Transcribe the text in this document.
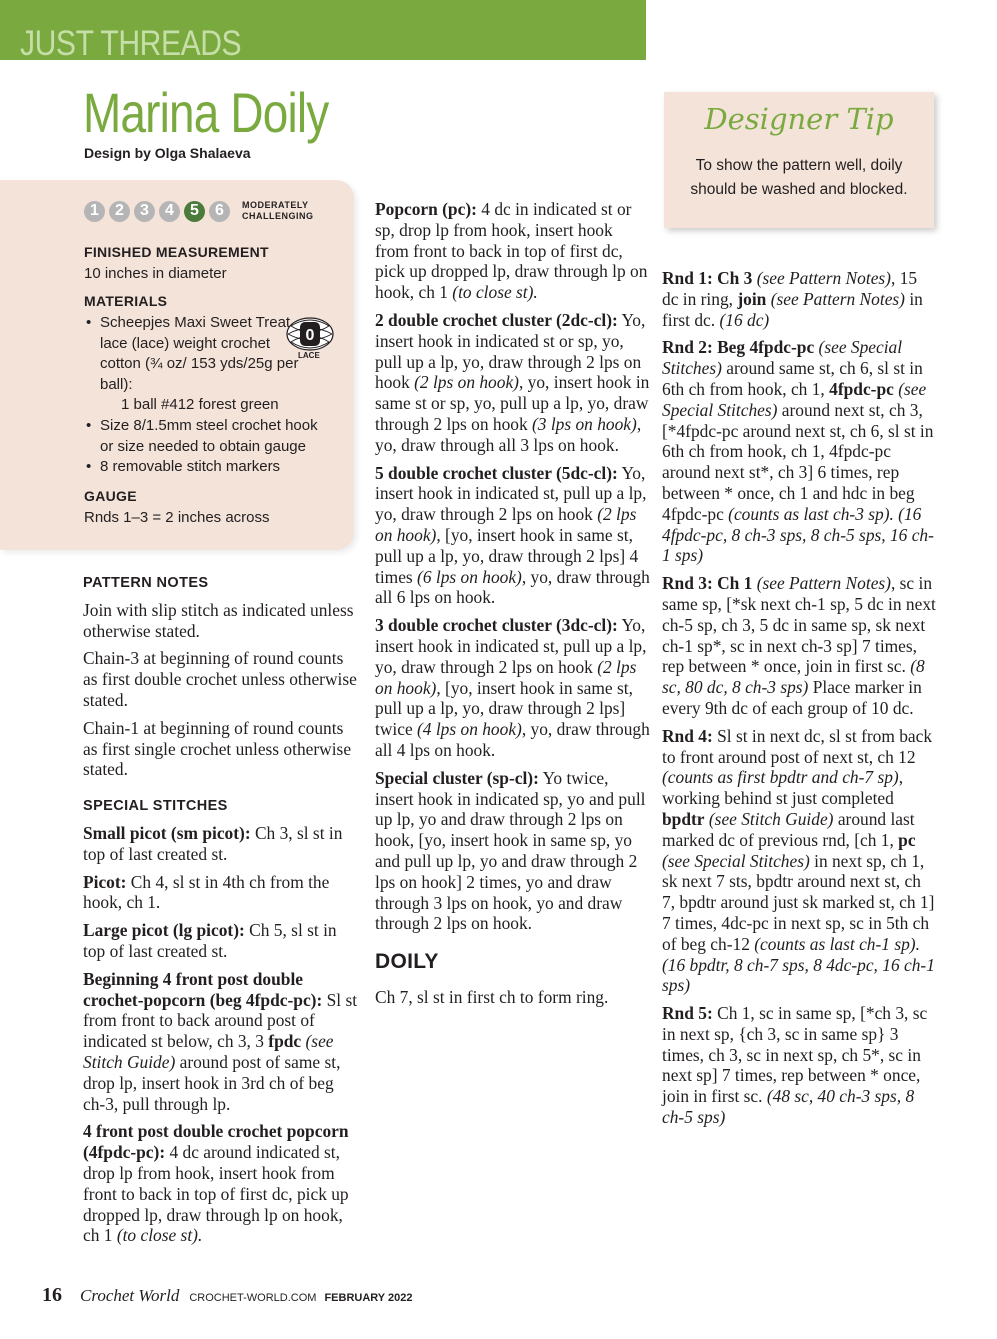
JUST THREADS
Marina Doily
Design by Olga Shalaeva
1	2	3	4	5	6	MODERATELY
CHALLENGING
FINISHED MEASUREMENT
10 inches in diameter
MATERIALS
• Scheepjes Maxi Sweet Treat lace (lace) weight crochet cotton (¾ oz/ 153 yds/25g per ball):
1 ball #412 forest green
• Size 8/1.5mm steel crochet hook or size needed to obtain gauge
• 8 removable stitch markers
0
LACE
GAUGE
Rnds 1–3 = 2 inches across
Designer Tip
To show the pattern well, doily should be washed and blocked.

PATTERN NOTES

Join with slip stitch as indicated unless otherwise stated.

Chain-3 at beginning of round counts as first double crochet unless otherwise stated.

Chain-1 at beginning of round counts as first single crochet unless otherwise stated.

SPECIAL STITCHES

Small picot (sm picot): Ch 3, sl st in top of last created st.

Picot: Ch 4, sl st in 4th ch from the hook, ch 1.

Large picot (lg picot): Ch 5, sl st in top of last created st.

Beginning 4 front post double crochet-popcorn (beg 4fpdc-pc): Sl st from front to back around post of indicated st below, ch 3, 3 fpdc (see Stitch Guide) around post of same st, drop lp, insert hook in 3rd ch of beg ch-3, pull through lp.

4 front post double crochet popcorn (4fpdc-pc): 4 dc around indicated st, drop lp from hook, insert hook from front to back in top of first dc, pick up dropped lp, draw through lp on hook, ch 1 (to close st).

Popcorn (pc): 4 dc in indicated st or sp, drop lp from hook, insert hook from front to back in top of first dc, pick up dropped lp, draw through lp on hook, ch 1 (to close st).

2 double crochet cluster (2dc-cl): Yo, insert hook in indicated st or sp, yo, pull up a lp, yo, draw through 2 lps on hook (2 lps on hook), yo, insert hook in same st or sp, yo, pull up a lp, yo, draw through 2 lps on hook (3 lps on hook), yo, draw through all 3 lps on hook.

5 double crochet cluster (5dc-cl): Yo, insert hook in indicated st, pull up a lp, yo, draw through 2 lps on hook (2 lps on hook), [yo, insert hook in same st, pull up a lp, yo, draw through 2 lps] 4 times (6 lps on hook), yo, draw through all 6 lps on hook.

3 double crochet cluster (3dc-cl): Yo, insert hook in indicated st, pull up a lp, yo, draw through 2 lps on hook (2 lps on hook), [yo, insert hook in same st, pull up a lp, yo, draw through 2 lps] twice (4 lps on hook), yo, draw through all 4 lps on hook.

Special cluster (sp-cl): Yo twice, insert hook in indicated sp, yo and pull up lp, yo and draw through 2 lps on hook, [yo, insert hook in same sp, yo and pull up lp, yo and draw through 2 lps on hook] 2 times, yo and draw through 3 lps on hook, yo and draw through 2 lps on hook.

DOILY

Ch 7, sl st in first ch to form ring.

Rnd 1: Ch 3 (see Pattern Notes), 15 dc in ring, join (see Pattern Notes) in first dc. (16 dc)

Rnd 2: Beg 4fpdc-pc (see Special Stitches) around same st, ch 6, sl st in 6th ch from hook, ch 1, 4fpdc-pc (see Special Stitches) around next st, ch 3, [*4fpdc-pc around next st, ch 6, sl st in 6th ch from hook, ch 1, 4fpdc-pc around next st*, ch 3] 6 times, rep between * once, ch 1 and hdc in beg 4fpdc-pc (counts as last ch-3 sp). (16 4fpdc-pc, 8 ch-3 sps, 8 ch-5 sps, 16 ch-1 sps)

Rnd 3: Ch 1 (see Pattern Notes), sc in same sp, [*sk next ch-1 sp, 5 dc in next ch-5 sp, ch 3, 5 dc in same sp, sk next ch-1 sp*, sc in next ch-3 sp] 7 times, rep between * once, join in first sc. (8 sc, 80 dc, 8 ch-3 sps) Place marker in every 9th dc of each group of 10 dc.

Rnd 4: Sl st in next dc, sl st from back to front around post of next st, ch 12 (counts as first bpdtr and ch-7 sp), working behind st just completed bpdtr (see Stitch Guide) around last marked dc of previous rnd, [ch 1, pc (see Special Stitches) in next sp, ch 1, sk next 7 sts, bpdtr around next st, ch 7, bpdtr around just sk marked st, ch 1] 7 times, 4dc-pc in next sp, sc in 5th ch of beg ch-12 (counts as last ch-1 sp). (16 bpdtr, 8 ch-7 sps, 8 4dc-pc, 16 ch-1 sps)

Rnd 5: Ch 1, sc in same sp, [*ch 3, sc in next sp, {ch 3, sc in same sp} 3 times, ch 3, sc in next sp, ch 5*, sc in next sp] 7 times, rep between * once, join in first sc. (48 sc, 40 ch-3 sps, 8 ch-5 sps)

16 Crochet World CROCHET-WORLD.COM FEBRUARY 2022
